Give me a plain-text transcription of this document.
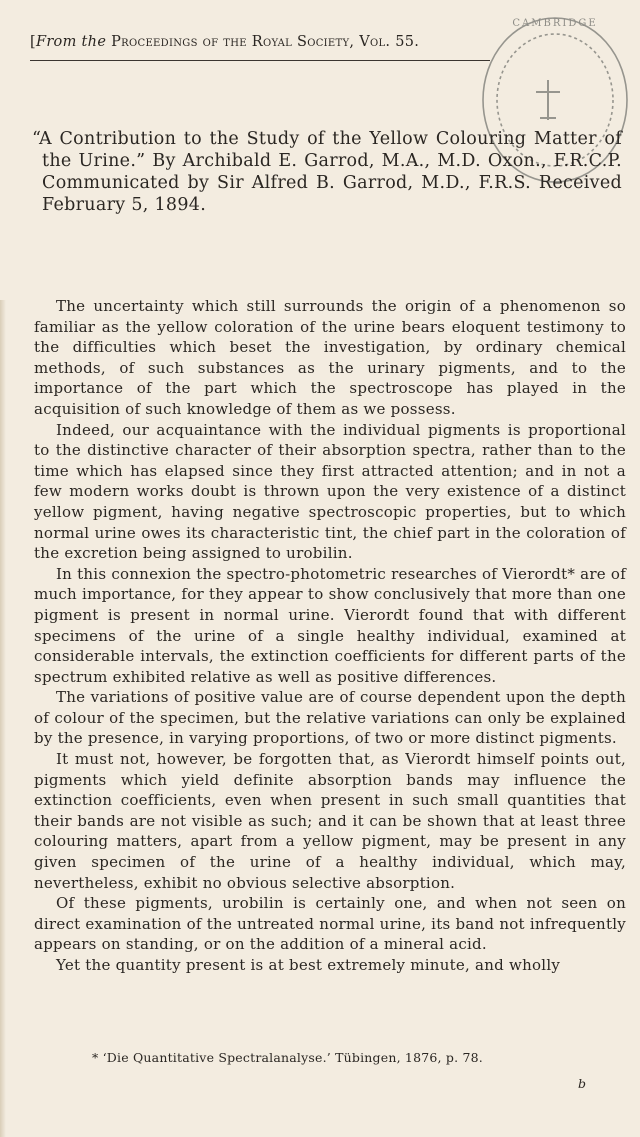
[From the Proceedings of the Royal Society, Vol. 55.
CAMBRIDGE

“A Contribution to the Study of the Yellow Colouring Matter of the Urine.” By Archibald E. Garrod, M.A., M.D. Oxon., F.R.C.P. Communicated by Sir Alfred B. Garrod, M.D., F.R.S. Received February 5, 1894.

The uncertainty which still surrounds the origin of a phenomenon so familiar as the yellow coloration of the urine bears eloquent testimony to the difficulties which beset the investigation, by ordinary chemical methods, of such substances as the urinary pigments, and to the importance of the part which the spectroscope has played in the acquisition of such knowledge of them as we possess.

Indeed, our acquaintance with the individual pigments is proportional to the distinctive character of their absorption spectra, rather than to the time which has elapsed since they first attracted attention; and in not a few modern works doubt is thrown upon the very existence of a distinct yellow pigment, having negative spectroscopic properties, but to which normal urine owes its characteristic tint, the chief part in the coloration of the excretion being assigned to urobilin.

In this connexion the spectro-photometric researches of Vierordt* are of much importance, for they appear to show conclusively that more than one pigment is present in normal urine. Vierordt found that with different specimens of the urine of a single healthy individual, examined at considerable intervals, the extinction coefficients for different parts of the spectrum exhibited relative as well as positive differences.

The variations of positive value are of course dependent upon the depth of colour of the specimen, but the relative variations can only be explained by the presence, in varying proportions, of two or more distinct pigments.

It must not, however, be forgotten that, as Vierordt himself points out, pigments which yield definite absorption bands may influence the extinction coefficients, even when present in such small quantities that their bands are not visible as such; and it can be shown that at least three colouring matters, apart from a yellow pigment, may be present in any given specimen of the urine of a healthy individual, which may, nevertheless, exhibit no obvious selective absorption.

Of these pigments, urobilin is certainly one, and when not seen on direct examination of the untreated normal urine, its band not infrequently appears on standing, or on the addition of a mineral acid.

Yet the quantity present is at best extremely minute, and wholly

* ‘Die Quantitative Spectralanalyse.’ Tübingen, 1876, p. 78.
b
